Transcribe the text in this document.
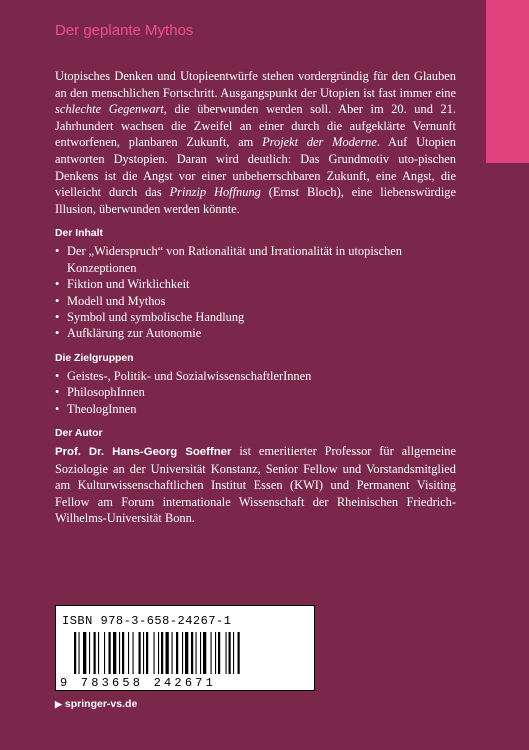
Der geplante Mythos

Utopisches Denken und Utopieentwürfe stehen vordergründig für den Glauben an den menschlichen Fortschritt. Ausgangspunkt der Utopien ist fast immer eine schlechte Gegenwart, die überwunden werden soll. Aber im 20. und 21. Jahrhundert wachsen die Zweifel an einer durch die aufgeklärte Vernunft entworfenen, planbaren Zukunft, am Projekt der Moderne. Auf Utopien antworten Dystopien. Daran wird deutlich: Das Grundmotiv uto-pischen Denkens ist die Angst vor einer unbeherrschbaren Zukunft, eine Angst, die vielleicht durch das Prinzip Hoffnung (Ernst Bloch), eine liebenswürdige Illusion, überwunden werden könnte.

Der Inhalt
• Der „Widerspruch“ von Rationalität und Irrationalität in utopischen Konzeptionen
• Fiktion und Wirklichkeit
• Modell und Mythos
• Symbol und symbolische Handlung
• Aufklärung zur Autonomie
Die Zielgruppen
• Geistes-, Politik- und SozialwissenschaftlerInnen
• PhilosophInnen
• TheologInnen
Der Autor

Prof. Dr. Hans-Georg Soeffner ist emeritierter Professor für allgemeine Soziologie an der Universität Konstanz, Senior Fellow und Vorstandsmitglied am Kulturwissenschaftlichen Institut Essen (KWI) und Permanent Visiting Fellow am Forum internationale Wissenschaft der Rheinischen Friedrich-Wilhelms-Universität Bonn.

ISBN 978-3-658-24267-1
9 783658 242671
▶ springer-vs.de
